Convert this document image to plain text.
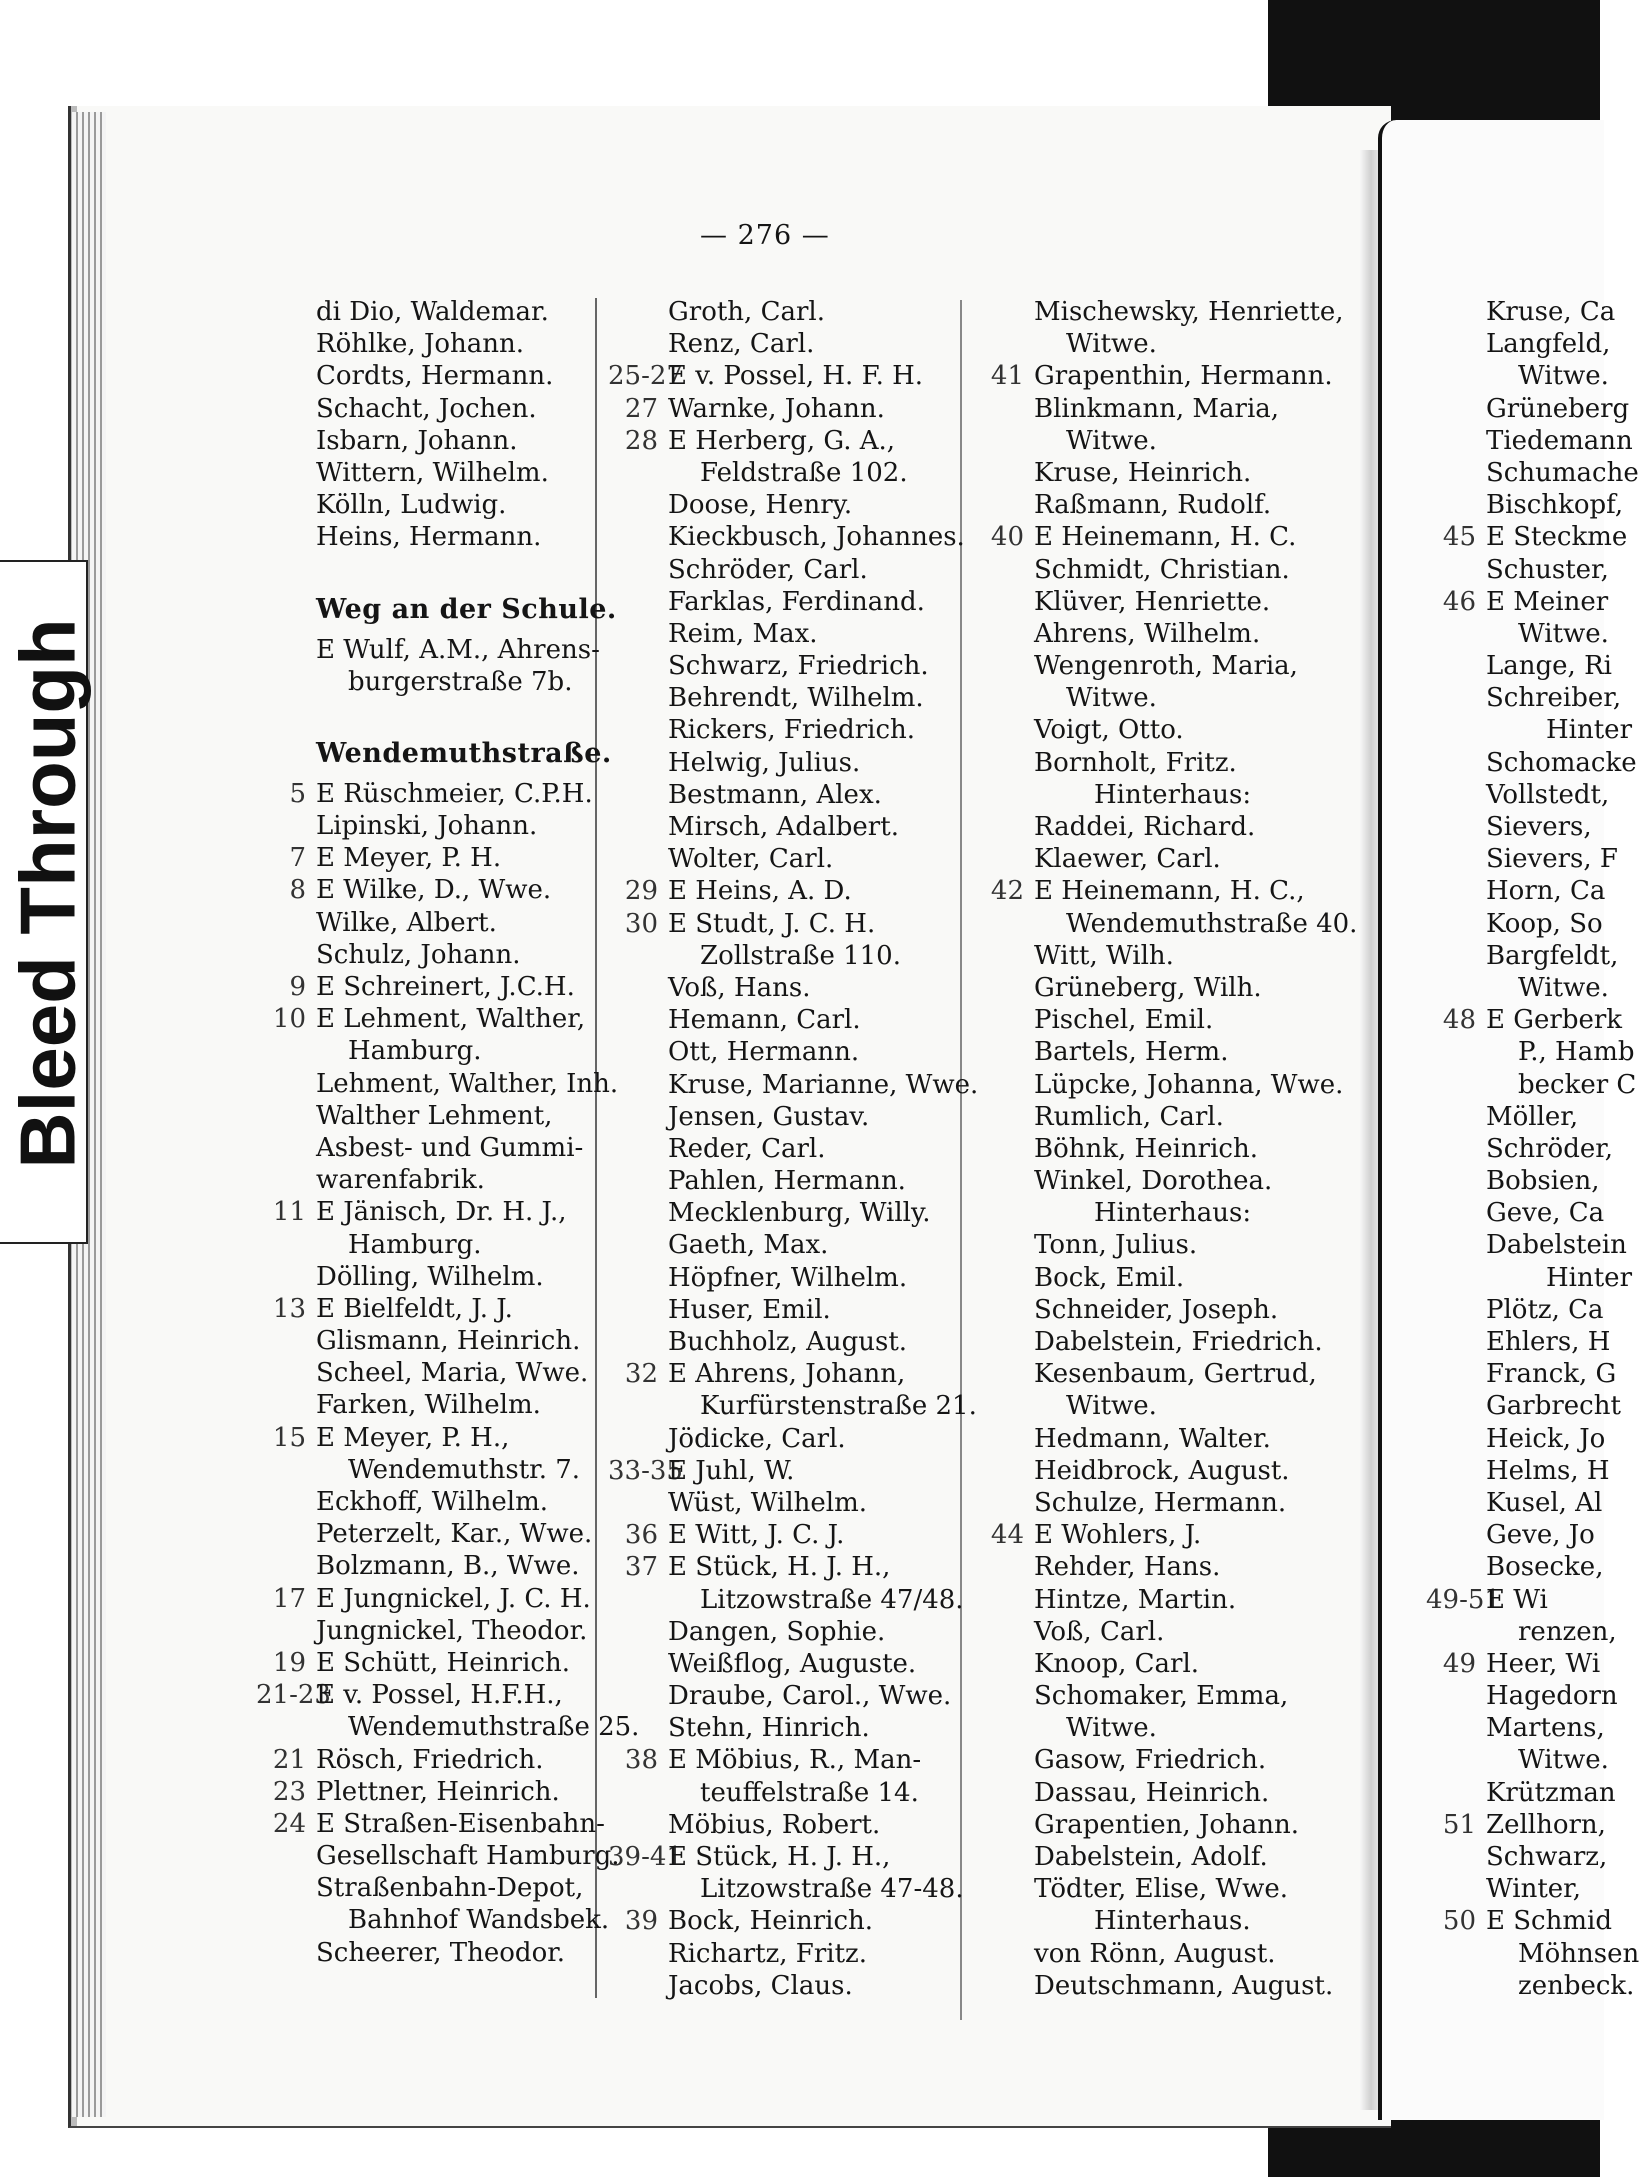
Bleed Through
— 276 —
di Dio, Waldemar.
Röhlke, Johann.
Cordts, Hermann.
Schacht, Jochen.
Isbarn, Johann.
Wittern, Wilhelm.
Kölln, Ludwig.
Heins, Hermann.
Weg an der Schule.
E Wulf, A.M., Ahrens-
burgerstraße 7b.
Wendemuthstraße.
5 E Rüschmeier, C.P.H.
Lipinski, Johann.
7 E Meyer, P. H.
8 E Wilke, D., Wwe.
Wilke, Albert.
Schulz, Johann.
9 E Schreinert, J.C.H.
10 E Lehment, Walther,
Hamburg.
Lehment, Walther, Inh.
Walther Lehment,
Asbest- und Gummi-
warenfabrik.
11 E Jänisch, Dr. H. J.,
Hamburg.
Dölling, Wilhelm.
13 E Bielfeldt, J. J.
Glismann, Heinrich.
Scheel, Maria, Wwe.
Farken, Wilhelm.
15 E Meyer, P. H.,
Wendemuthstr. 7.
Eckhoff, Wilhelm.
Peterzelt, Kar., Wwe.
Bolzmann, B., Wwe.
17 E Jungnickel, J. C. H.
Jungnickel, Theodor.
19 E Schütt, Heinrich.
21-23
E v. Possel, H.F.H.,
Wendemuthstraße 25.
21 Rösch, Friedrich.
23 Plettner, Heinrich.
24 E Straßen-Eisenbahn-
Gesellschaft Hamburg.
Straßenbahn-Depot,
Bahnhof Wandsbek.
Scheerer, Theodor.
Groth, Carl.
Renz, Carl.
25-27
E v. Possel, H. F. H.
27 Warnke, Johann.
28 E Herberg, G. A.,
Feldstraße 102.
Doose, Henry.
Kieckbusch, Johannes.
Schröder, Carl.
Farklas, Ferdinand.
Reim, Max.
Schwarz, Friedrich.
Behrendt, Wilhelm.
Rickers, Friedrich.
Helwig, Julius.
Bestmann, Alex.
Mirsch, Adalbert.
Wolter, Carl.
29 E Heins, A. D.
30 E Studt, J. C. H.
Zollstraße 110.
Voß, Hans.
Hemann, Carl.
Ott, Hermann.
Kruse, Marianne, Wwe.
Jensen, Gustav.
Reder, Carl.
Pahlen, Hermann.
Mecklenburg, Willy.
Gaeth, Max.
Höpfner, Wilhelm.
Huser, Emil.
Buchholz, August.
32 E Ahrens, Johann,
Kurfürstenstraße 21.
Jödicke, Carl.
33-35
E Juhl, W.
Wüst, Wilhelm.
36 E Witt, J. C. J.
37 E Stück, H. J. H.,
Litzowstraße 47/48.
Dangen, Sophie.
Weißflog, Auguste.
Draube, Carol., Wwe.
Stehn, Hinrich.
38 E Möbius, R., Man-
teuffelstraße 14.
Möbius, Robert.
39-41
E Stück, H. J. H.,
Litzowstraße 47-48.
39 Bock, Heinrich.
Richartz, Fritz.
Jacobs, Claus.
Mischewsky, Henriette,
Witwe.
41 Grapenthin, Hermann.
Blinkmann, Maria,
Witwe.
Kruse, Heinrich.
Raßmann, Rudolf.
40 E Heinemann, H. C.
Schmidt, Christian.
Klüver, Henriette.
Ahrens, Wilhelm.
Wengenroth, Maria,
Witwe.
Voigt, Otto.
Bornholt, Fritz.
Hinterhaus:
Raddei, Richard.
Klaewer, Carl.
42 E Heinemann, H. C.,
Wendemuthstraße 40.
Witt, Wilh.
Grüneberg, Wilh.
Pischel, Emil.
Bartels, Herm.
Lüpcke, Johanna, Wwe.
Rumlich, Carl.
Böhnk, Heinrich.
Winkel, Dorothea.
Hinterhaus:
Tonn, Julius.
Bock, Emil.
Schneider, Joseph.
Dabelstein, Friedrich.
Kesenbaum, Gertrud,
Witwe.
Hedmann, Walter.
Heidbrock, August.
Schulze, Hermann.
44 E Wohlers, J.
Rehder, Hans.
Hintze, Martin.
Voß, Carl.
Knoop, Carl.
Schomaker, Emma,
Witwe.
Gasow, Friedrich.
Dassau, Heinrich.
Grapentien, Johann.
Dabelstein, Adolf.
Tödter, Elise, Wwe.
Hinterhaus.
von Rönn, August.
Deutschmann, August.
Kruse, Ca
Langfeld,
Witwe.
Grüneberg
Tiedemann
Schumache
Bischkopf,
45 E Steckme
Schuster,
46 E Meiner
Witwe.
Lange, Ri
Schreiber,
Hinter
Schomacke
Vollstedt,
Sievers,
Sievers, F
Horn, Ca
Koop, So
Bargfeldt,
Witwe.
48 E Gerberk
P., Hamb
becker C
Möller,
Schröder,
Bobsien,
Geve, Ca
Dabelstein
Hinter
Plötz, Ca
Ehlers, H
Franck, G
Garbrecht
Heick, Jo
Helms, H
Kusel, Al
Geve, Jo
Bosecke,
49-51
E Wi
renzen,
49 Heer, Wi
Hagedorn
Martens,
Witwe.
Krützman
51 Zellhorn,
Schwarz,
Winter,
50 E Schmid
Möhnsen
zenbeck.
